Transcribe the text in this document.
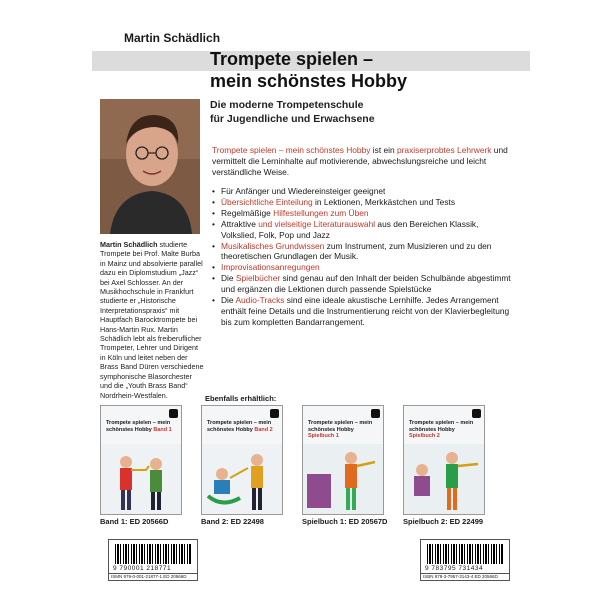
Martin Schädlich
Trompete spielen –
mein schönstes Hobby
Die moderne Trompetenschule
für Jugendliche und Erwachsene
Martin Schädlich studierte Trompete bei Prof. Malte Burba in Mainz und absolvierte parallel dazu ein Diplomstudium „Jazz“ bei Axel Schlosser. An der Musikhochschule in Frankfurt studierte er „Historische Interpretationspraxis“ mit Hauptfach Barocktrompete bei Hans-Martin Rux. Martin Schädlich lebt als freiberuflicher Trompeter, Lehrer und Dirigent in Köln und leitet neben der Brass Band Düren verschiedene symphonische Blasorchester und die „Youth Brass Band“ Nordrhein-Westfalen.
Trompete spielen – mein schönstes Hobby ist ein praxiserprobtes Lehrwerk und vermittelt die Lerninhalte auf motivierende, abwechslungsreiche und leicht verständliche Weise.
• Für Anfänger und Wiedereinsteiger geeignet
• Übersichtliche Einteilung in Lektionen, Merkkästchen und Tests
• Regelmäßige Hilfestellungen zum Üben
• Attraktive und vielseitige Literaturauswahl aus den Bereichen Klassik, Volkslied, Folk, Pop und Jazz
• Musikalisches Grundwissen zum Instrument, zum Musizieren und zu den theoretischen Grundlagen der Musik.
• Improvisationsanregungen
• Die Spielbücher sind genau auf den Inhalt der beiden Schulbände abgestimmt und ergänzen die Lektionen durch passende Spielstücke
• Die Audio-Tracks sind eine ideale akustische Lernhilfe. Jedes Arrangement enthält feine Details und die Instrumentierung reicht von der Klavierbegleitung bis zum kompletten Bandarrangement.
Ebenfalls erhältlich:
Trompete spielen – mein schönstes Hobby Band 1
Trompete spielen – mein schönstes Hobby Band 2
Trompete spielen – mein schönstes Hobby Spielbuch 1
Trompete spielen – mein schönstes Hobby Spielbuch 2
Band 1: ED 20566D	Band 2: ED 22498	Spielbuch 1: ED 20567D Spielbuch 2: ED 22499
9 790001 218771
ISMN 979-0-001-21877-1 ED 20566D
9 783795 731434
ISBN 978-3-7957-3143-4 ED 20566D
